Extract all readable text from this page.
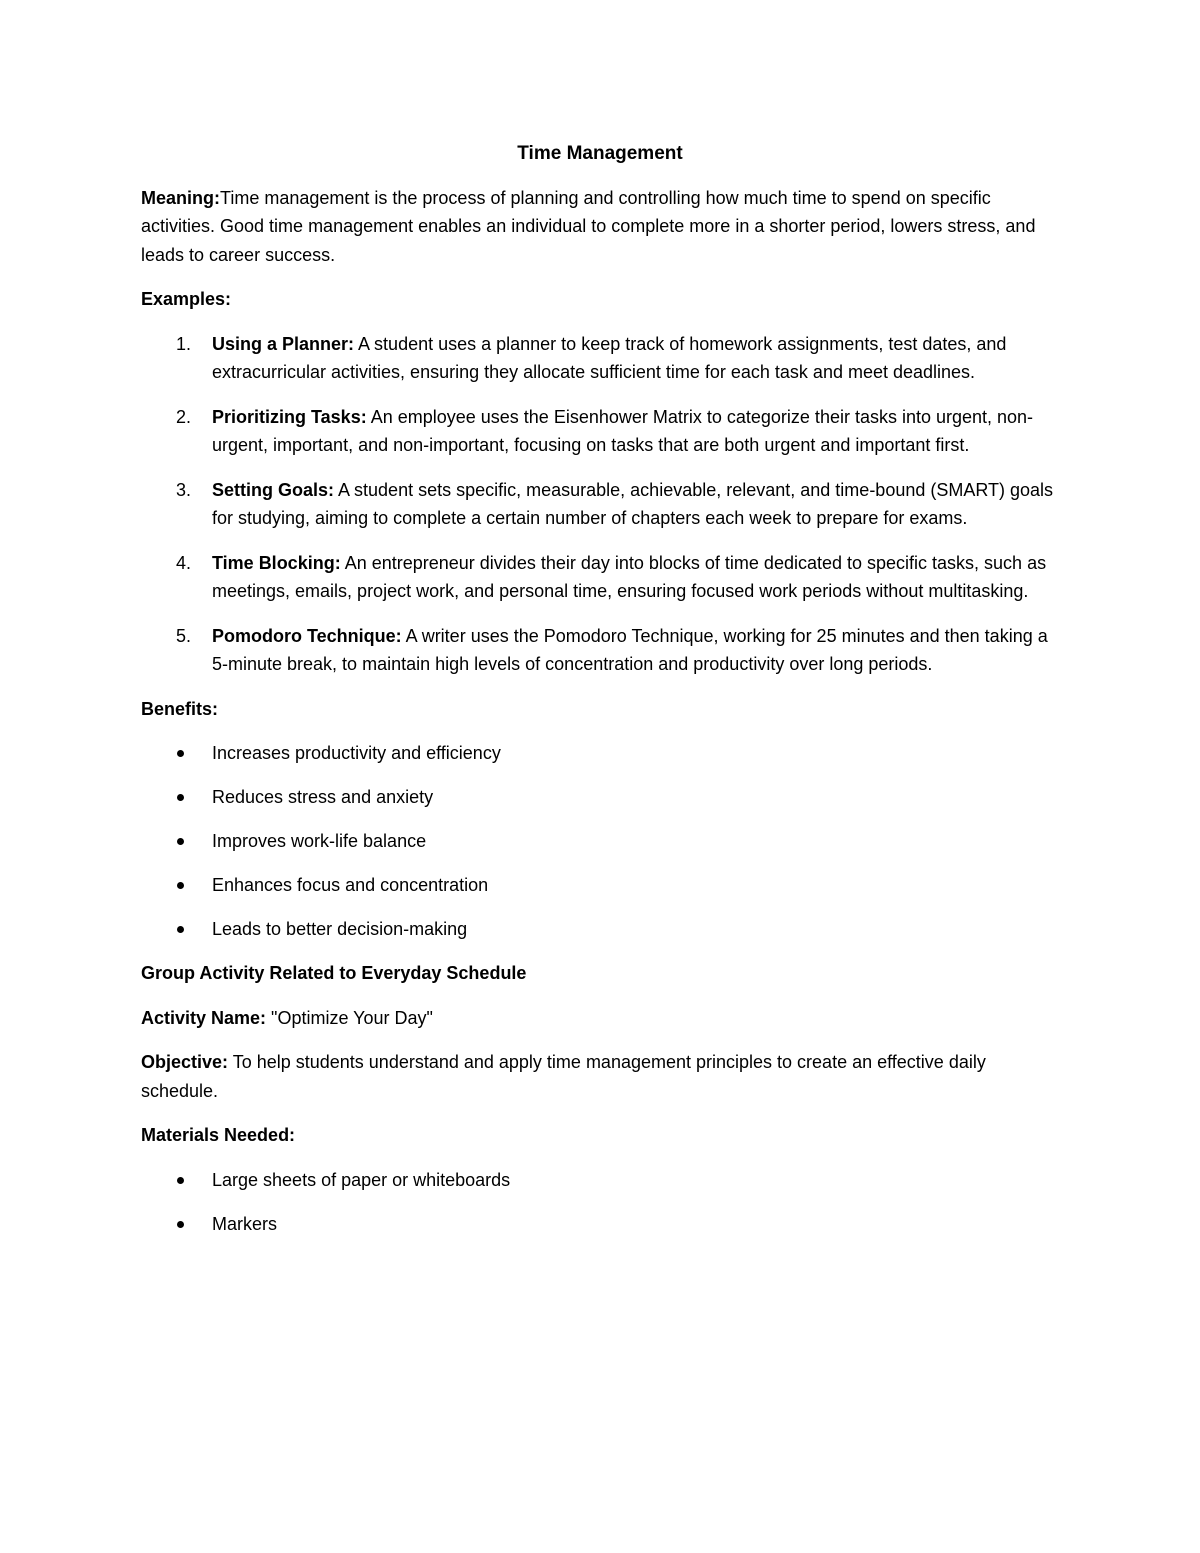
Time Management

Meaning:Time management is the process of planning and controlling how much time to spend on specific activities. Good time management enables an individual to complete more in a shorter period, lowers stress, and leads to career success.

Examples:
1. Using a Planner: A student uses a planner to keep track of homework assignments, test dates, and extracurricular activities, ensuring they allocate sufficient time for each task and meet deadlines.
2. Prioritizing Tasks: An employee uses the Eisenhower Matrix to categorize their tasks into urgent, non-urgent, important, and non-important, focusing on tasks that are both urgent and important first.
3. Setting Goals: A student sets specific, measurable, achievable, relevant, and time-bound (SMART) goals for studying, aiming to complete a certain number of chapters each week to prepare for exams.
4. Time Blocking: An entrepreneur divides their day into blocks of time dedicated to specific tasks, such as meetings, emails, project work, and personal time, ensuring focused work periods without multitasking.
5. Pomodoro Technique: A writer uses the Pomodoro Technique, working for 25 minutes and then taking a 5-minute break, to maintain high levels of concentration and productivity over long periods.
Benefits:
Increases productivity and efficiency
Reduces stress and anxiety
Improves work-life balance
Enhances focus and concentration
Leads to better decision-making
Group Activity Related to Everyday Schedule

Activity Name: "Optimize Your Day"

Objective: To help students understand and apply time management principles to create an effective daily schedule.

Materials Needed:
Large sheets of paper or whiteboards
Markers
